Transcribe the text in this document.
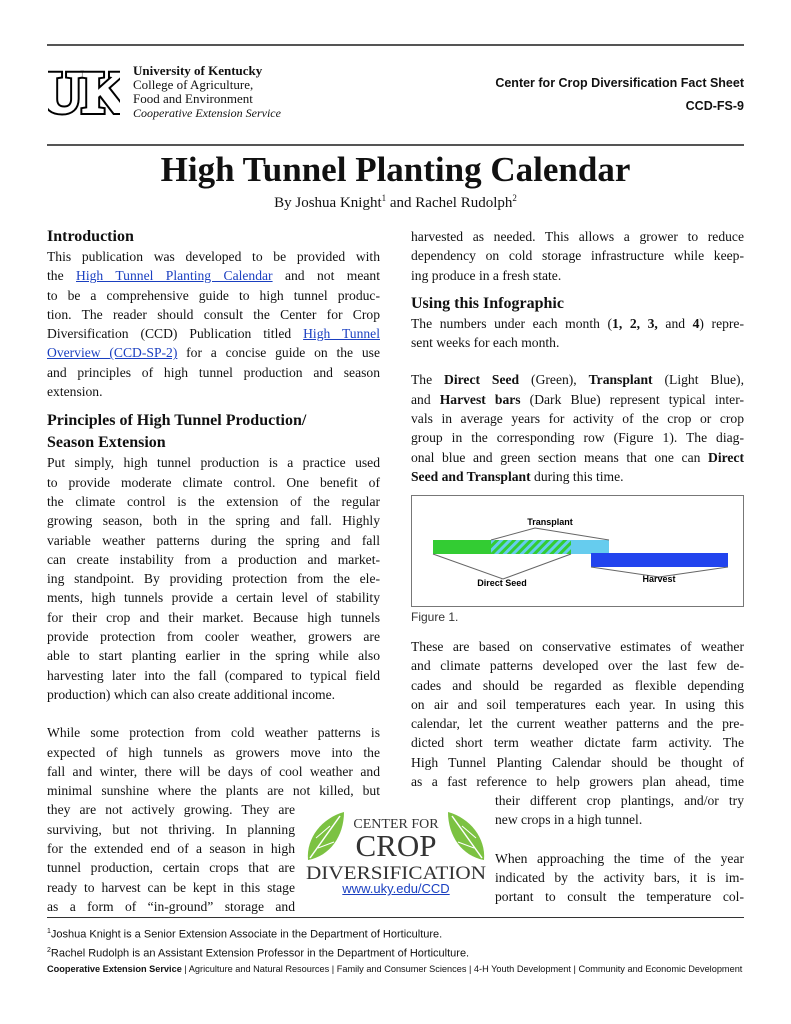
UK
UK University of Kentucky
College of Agriculture,
Food and Environment
Cooperative Extension Service
Center for Crop Diversification Fact Sheet
CCD-FS-9
High Tunnel Planting Calendar
By Joshua Knight$^1$ and Rachel Rudolph$^2$
Introduction
This publication was developed to be provided with
the High Tunnel Planting Calendar and not meant
to be a comprehensive guide to high tunnel produc-
tion. The reader should consult the Center for Crop
Diversification (CCD) Publication titled High Tunnel
Overview (CCD-SP-2) for a concise guide on the use
and principles of high tunnel production and season
extension.
Principles of High Tunnel Production/
Season Extension
Put simply, high tunnel production is a practice used
to provide moderate climate control. One benefit of
the climate control is the extension of the regular
growing season, both in the spring and fall. Highly
variable weather patterns during the spring and fall
can create instability from a production and market-
ing standpoint. By providing protection from the ele-
ments, high tunnels provide a certain level of stability
for their crop and their market. Because high tunnels
provide protection from cooler weather, growers are
able to start planting earlier in the spring while also
harvesting later into the fall (compared to typical field
production) which can also create additional income.
While some protection from cold weather patterns is
expected of high tunnels as growers move into the
fall and winter, there will be days of cool weather and
minimal sunshine where the plants are not killed, but
they are not actively growing. They are
surviving, but not thriving. In planning
for the extended end of a season in high
tunnel production, certain crops that are
ready to harvest can be kept in this stage
as a form of “in-ground” storage and
harvested as needed. This allows a grower to reduce
dependency on cold storage infrastructure while keep-
ing produce in a fresh state.
Using this Infographic
The numbers under each month (1, 2, 3, and 4) repre-
sent weeks for each month.
The Direct Seed (Green), Transplant (Light Blue),
and Harvest bars (Dark Blue) represent typical inter-
vals in average years for activity of the crop or crop
group in the corresponding row (Figure 1). The diag-
onal blue and green section means that one can Direct
Seed and Transplant during this time.
Transplant
Direct Seed	Harvest
Figure 1.
These are based on conservative estimates of weather
and climate patterns developed over the last few de-
cades and should be regarded as flexible depending
on air and soil temperatures each year. In using this
calendar, let the current weather patterns and the pre-
dicted short term weather dictate farm activity. The
High Tunnel Planting Calendar should be thought of
as a fast reference to help growers plan ahead, time
their different crop plantings, and/or try
new crops in a high tunnel.
When approaching the time of the year
indicated by the activity bars, it is im-
portant to consult the temperature col-
CENTER FOR
CROP
DIVERSIFICATION
www.uky.edu/CCD
$^1$Joshua Knight is a Senior Extension Associate in the Department of Horticulture.
$^2$Rachel Rudolph is an Assistant Extension Professor in the Department of Horticulture.
Cooperative Extension Service | Agriculture and Natural Resources | Family and Consumer Sciences | 4-H Youth Development | Community and Economic Development
